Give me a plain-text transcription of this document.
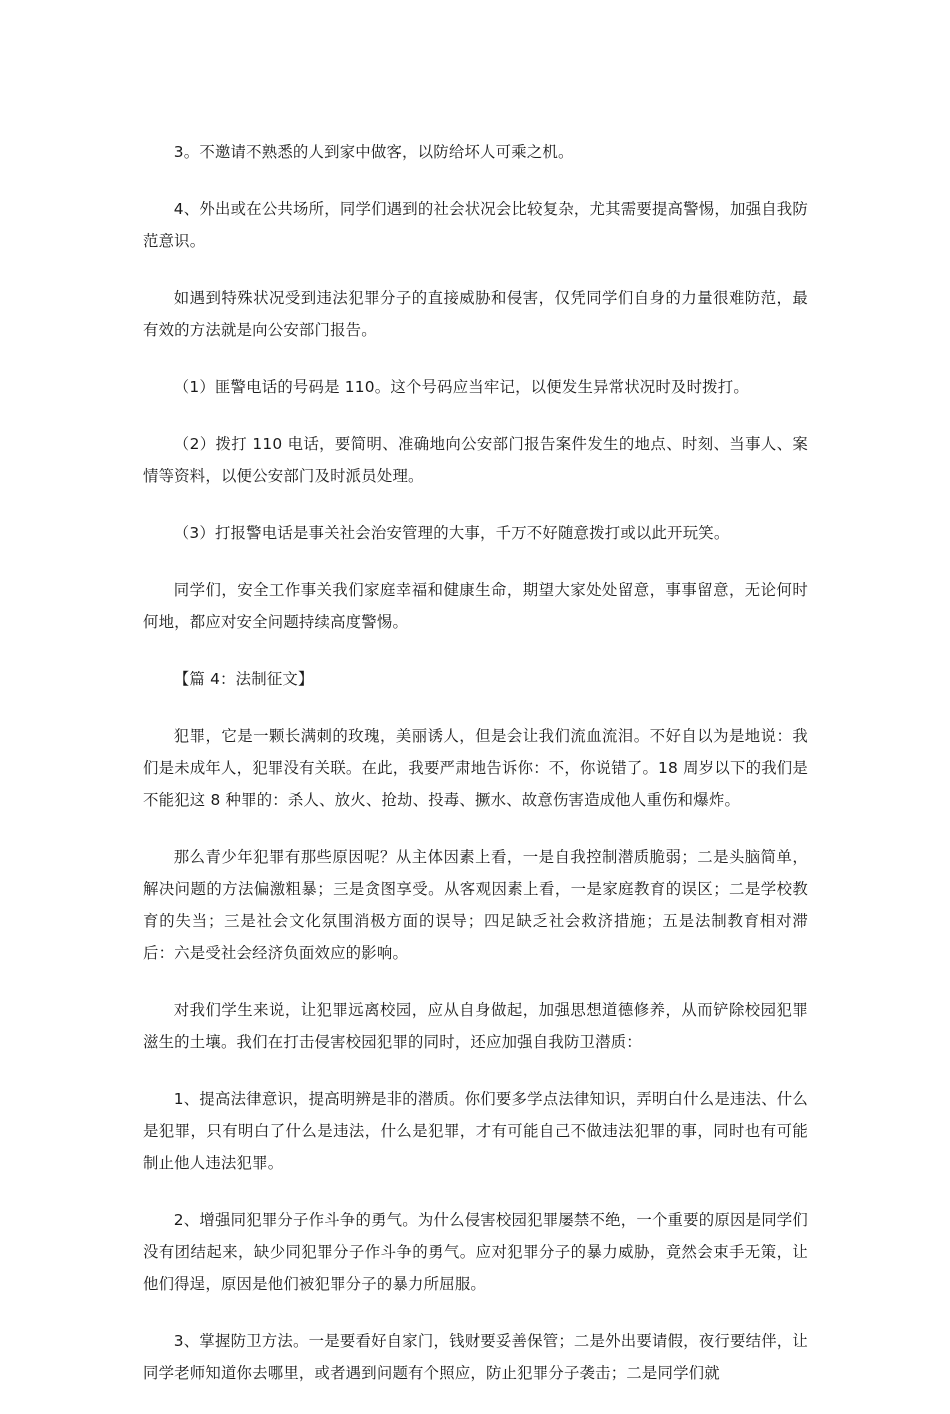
3。不邀请不熟悉的人到家中做客，以防给坏人可乘之机。

4、外出或在公共场所，同学们遇到的社会状况会比较复杂，尤其需要提高警惕，加强自我防范意识。

如遇到特殊状况受到违法犯罪分子的直接威胁和侵害，仅凭同学们自身的力量很难防范，最有效的方法就是向公安部门报告。

（1）匪警电话的号码是 110。这个号码应当牢记，以便发生异常状况时及时拨打。

（2）拨打 110 电话，要简明、准确地向公安部门报告案件发生的地点、时刻、当事人、案情等资料，以便公安部门及时派员处理。

（3）打报警电话是事关社会治安管理的大事，千万不好随意拨打或以此开玩笑。

同学们，安全工作事关我们家庭幸福和健康生命，期望大家处处留意，事事留意，无论何时何地，都应对安全问题持续高度警惕。

【篇 4：法制征文】

犯罪，它是一颗长满刺的玫瑰，美丽诱人，但是会让我们流血流泪。不好自以为是地说：我们是未成年人，犯罪没有关联。在此，我要严肃地告诉你：不，你说错了。18 周岁以下的我们是不能犯这 8 种罪的：杀人、放火、抢劫、投毒、撅水、故意伤害造成他人重伤和爆炸。

那么青少年犯罪有那些原因呢？从主体因素上看，一是自我控制潜质脆弱；二是头脑简单，解决问题的方法偏激粗暴；三是贪图享受。从客观因素上看，一是家庭教育的误区；二是学校教育的失当；三是社会文化氛围消极方面的误导；四足缺乏社会救济措施；五是法制教育相对滞后：六是受社会经济负面效应的影响。

对我们学生来说，让犯罪远离校园，应从自身做起，加强思想道德修养，从而铲除校园犯罪滋生的土壤。我们在打击侵害校园犯罪的同时，还应加强自我防卫潜质：

1、提高法律意识，提高明辨是非的潜质。你们要多学点法律知识，弄明白什么是违法、什么是犯罪，只有明白了什么是违法，什么是犯罪，才有可能自己不做违法犯罪的事，同时也有可能制止他人违法犯罪。

2、增强同犯罪分子作斗争的勇气。为什么侵害校园犯罪屡禁不绝，一个重要的原因是同学们没有团结起来，缺少同犯罪分子作斗争的勇气。应对犯罪分子的暴力威胁，竟然会束手无策，让他们得逞，原因是他们被犯罪分子的暴力所屈服。

3、掌握防卫方法。一是要看好自家门，钱财要妥善保管；二是外出要请假，夜行要结伴，让同学老师知道你去哪里，或者遇到问题有个照应，防止犯罪分子袭击；二是同学们就
